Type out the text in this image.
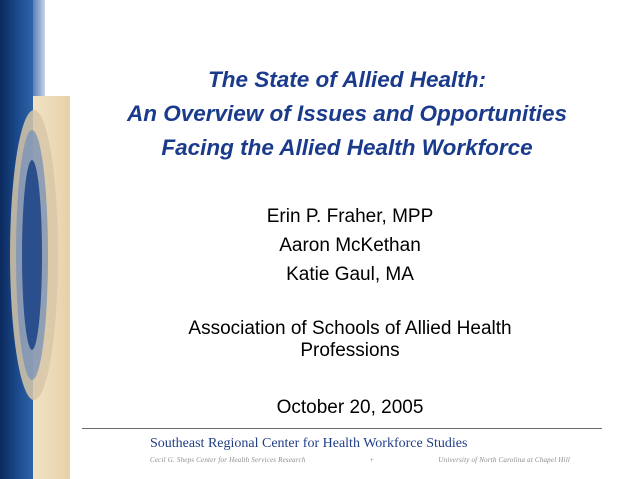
The State of Allied Health:
An Overview of Issues and Opportunities
Facing the Allied Health Workforce
Erin P. Fraher, MPP
Aaron McKethan
Katie Gaul, MA
Association of Schools of Allied Health
Professions
October 20, 2005
Southeast Regional Center for Health Workforce Studies
Cecil G. Sheps Center for Health Services Research	+	University of North Carolina at Chapel Hill
